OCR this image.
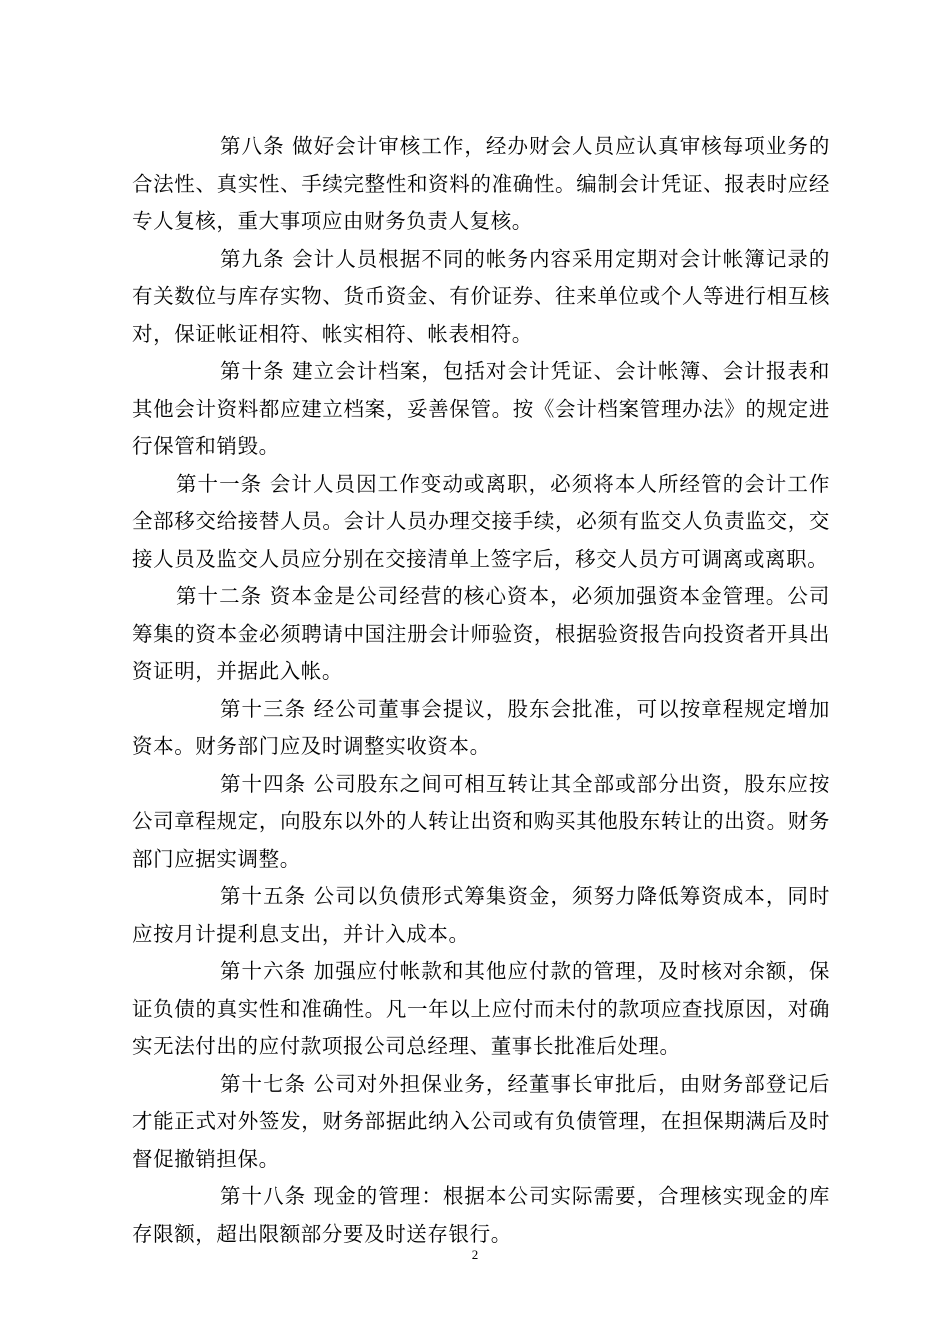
第八条 做好会计审核工作，经办财会人员应认真审核每项业务的合法性、真实性、手续完整性和资料的准确性。编制会计凭证、报表时应经专人复核，重大事项应由财务负责人复核。

第九条 会计人员根据不同的帐务内容采用定期对会计帐簿记录的有关数位与库存实物、货币资金、有价证券、往来单位或个人等进行相互核对，保证帐证相符、帐实相符、帐表相符。

第十条 建立会计档案，包括对会计凭证、会计帐簿、会计报表和其他会计资料都应建立档案，妥善保管。按《会计档案管理办法》的规定进行保管和销毁。

第十一条 会计人员因工作变动或离职，必须将本人所经管的会计工作全部移交给接替人员。会计人员办理交接手续，必须有监交人负责监交，交接人员及监交人员应分别在交接清单上签字后，移交人员方可调离或离职。

第十二条 资本金是公司经营的核心资本，必须加强资本金管理。公司筹集的资本金必须聘请中国注册会计师验资，根据验资报告向投资者开具出资证明，并据此入帐。

第十三条 经公司董事会提议，股东会批准，可以按章程规定增加资本。财务部门应及时调整实收资本。

第十四条 公司股东之间可相互转让其全部或部分出资，股东应按公司章程规定，向股东以外的人转让出资和购买其他股东转让的出资。财务部门应据实调整。

第十五条 公司以负债形式筹集资金，须努力降低筹资成本，同时应按月计提利息支出，并计入成本。

第十六条 加强应付帐款和其他应付款的管理，及时核对余额，保证负债的真实性和准确性。凡一年以上应付而未付的款项应查找原因，对确实无法付出的应付款项报公司总经理、董事长批准后处理。

第十七条 公司对外担保业务，经董事长审批后，由财务部登记后才能正式对外签发，财务部据此纳入公司或有负债管理，在担保期满后及时督促撤销担保。

第十八条 现金的管理：根据本公司实际需要，合理核实现金的库存限额，超出限额部分要及时送存银行。

2
